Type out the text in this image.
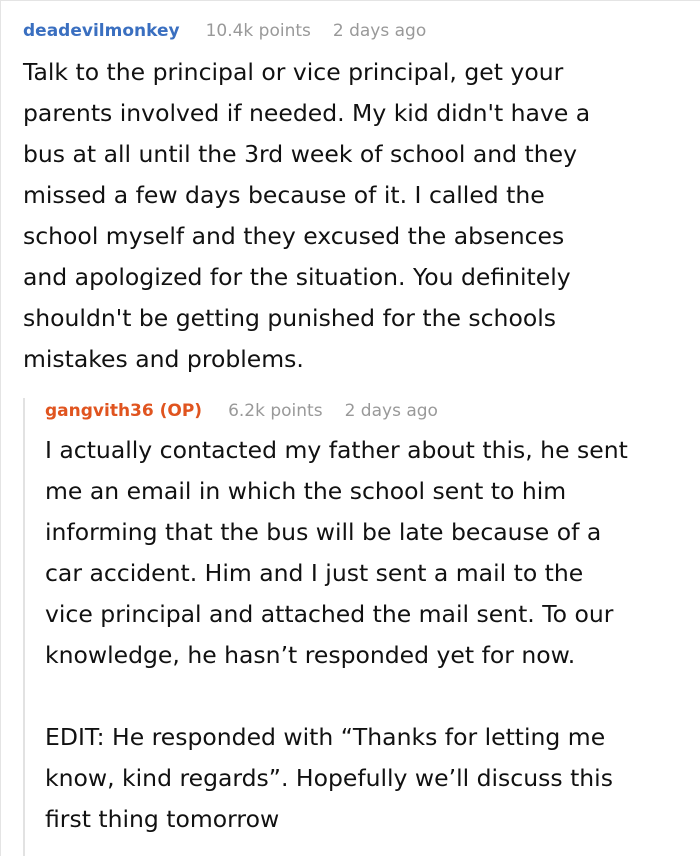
deadevilmonkey 10.4k points 2 days ago
Talk to the principal or vice principal, get your
parents involved if needed. My kid didn't have a
bus at all until the 3rd week of school and they
missed a few days because of it. I called the
school myself and they excused the absences
and apologized for the situation. You definitely
shouldn't be getting punished for the schools
mistakes and problems.
gangvith36 (OP) 6.2k points 2 days ago
I actually contacted my father about this, he sent
me an email in which the school sent to him
informing that the bus will be late because of a
car accident. Him and I just sent a mail to the
vice principal and attached the mail sent. To our
knowledge, he hasn’t responded yet for now.
EDIT: He responded with “Thanks for letting me
know, kind regards”. Hopefully we’ll discuss this
first thing tomorrow
